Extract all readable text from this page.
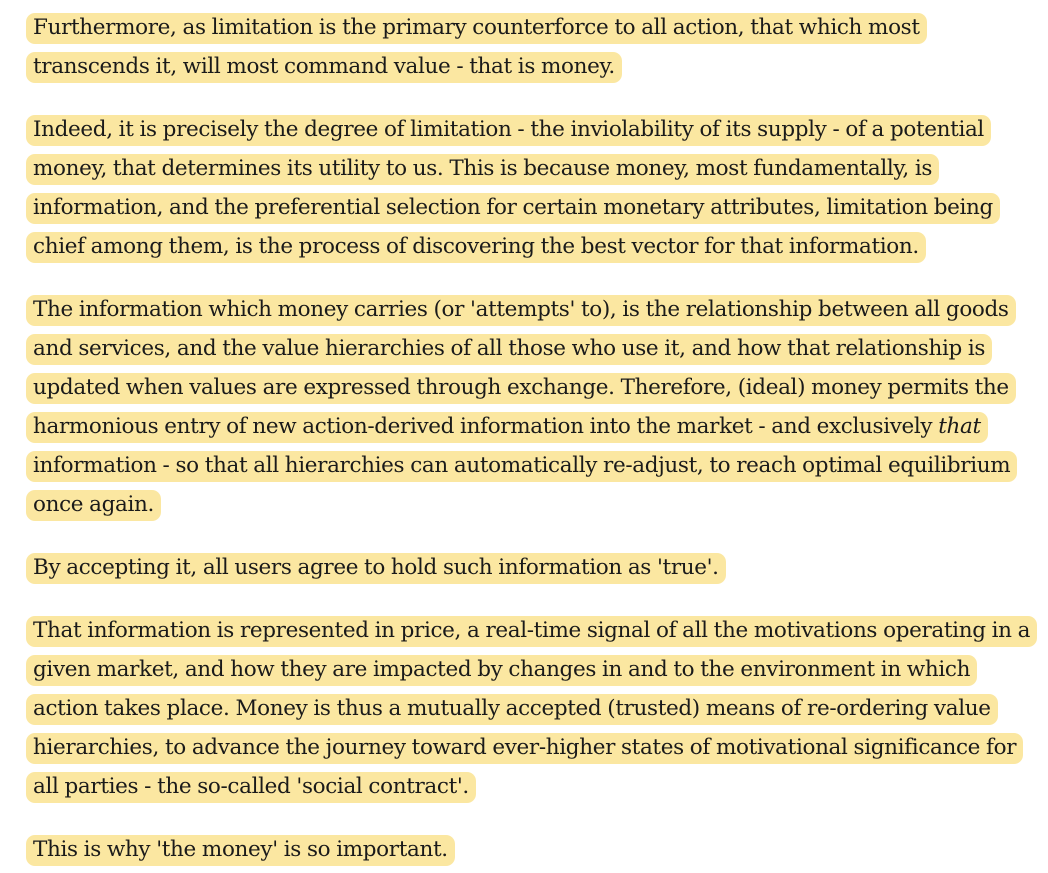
Furthermore, as limitation is the primary counterforce to all action, that which most transcends it, will most command value - that is money.

Indeed, it is precisely the degree of limitation - the inviolability of its supply - of a potential money, that determines its utility to us. This is because money, most fundamentally, is information, and the preferential selection for certain monetary attributes, limitation being chief among them, is the process of discovering the best vector for that information.

The information which money carries (or 'attempts' to), is the relationship between all goods and services, and the value hierarchies of all those who use it, and how that relationship is updated when values are expressed through exchange. Therefore, (ideal) money permits the harmonious entry of new action-derived information into the market - and exclusively that information - so that all hierarchies can automatically re-adjust, to reach optimal equilibrium once again.

By accepting it, all users agree to hold such information as 'true'.

That information is represented in price, a real-time signal of all the motivations operating in a given market, and how they are impacted by changes in and to the environment in which action takes place. Money is thus a mutually accepted (trusted) means of re-ordering value hierarchies, to advance the journey toward ever-higher states of motivational significance for all parties - the so-called 'social contract'.

This is why 'the money' is so important.
